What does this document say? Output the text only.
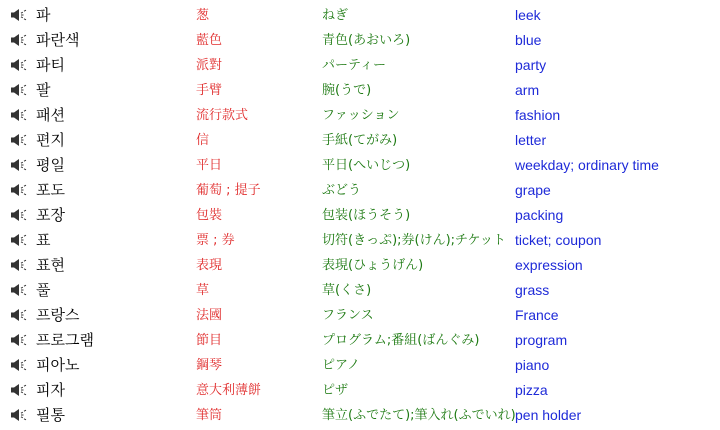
파	葱	ねぎ	leek
파란색	藍色	青色(あおいろ)	blue
파티	派對	パーティー	party
팔	手臂	腕(うで)	arm
패션	流行款式	ファッション	fashion
편지	信	手紙(てがみ)	letter
평일	平日	平日(へいじつ)	weekday; ordinary time
포도	葡萄 ; 提子	ぶどう	grape
포장	包裝	包装(ほうそう)	packing
표	票 ; 券	切符(きっぷ);券(けん);チケット ticket; coupon
표현	表現	表現(ひょうげん)	expression
풀	草	草(くさ)	grass
프랑스	法國	フランス	France
프로그램	節目	プログラム;番組(ばんぐみ)	program
피아노	鋼琴	ピアノ	piano
피자	意大利薄餅	ピザ	pizza
필통	筆筒	筆立(ふでたて);筆入れ(ふでいれ) pen holder
